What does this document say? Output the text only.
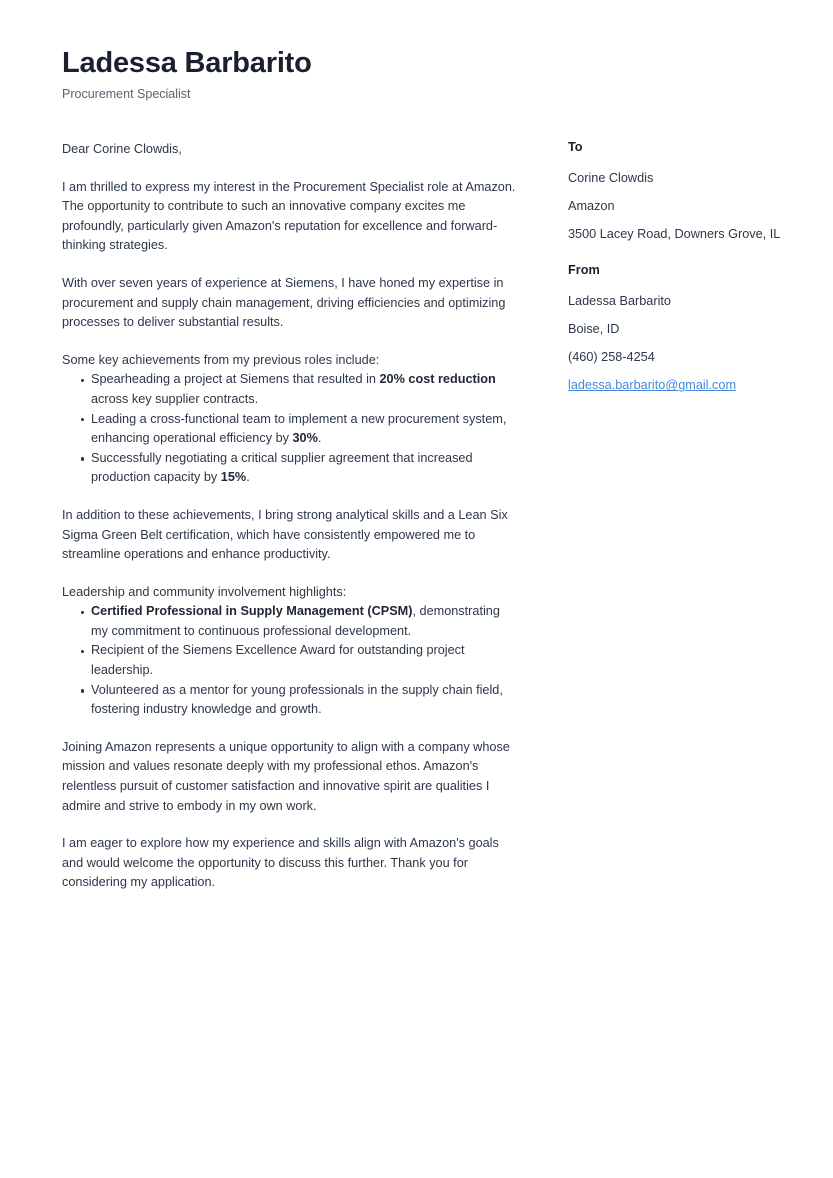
Ladessa Barbarito
Procurement Specialist

Dear Corine Clowdis,

I am thrilled to express my interest in the Procurement Specialist role at Amazon. The opportunity to contribute to such an innovative company excites me profoundly, particularly given Amazon's reputation for excellence and forward-thinking strategies.

With over seven years of experience at Siemens, I have honed my expertise in procurement and supply chain management, driving efficiencies and optimizing processes to deliver substantial results.

Some key achievements from my previous roles include:

Spearheading a project at Siemens that resulted in 20% cost reduction across key supplier contracts.
Leading a cross-functional team to implement a new procurement system, enhancing operational efficiency by 30%.
Successfully negotiating a critical supplier agreement that increased production capacity by 15%.

In addition to these achievements, I bring strong analytical skills and a Lean Six Sigma Green Belt certification, which have consistently empowered me to streamline operations and enhance productivity.

Leadership and community involvement highlights:

Certified Professional in Supply Management (CPSM), demonstrating my commitment to continuous professional development.
Recipient of the Siemens Excellence Award for outstanding project leadership.
Volunteered as a mentor for young professionals in the supply chain field, fostering industry knowledge and growth.

Joining Amazon represents a unique opportunity to align with a company whose mission and values resonate deeply with my professional ethos. Amazon's relentless pursuit of customer satisfaction and innovative spirit are qualities I admire and strive to embody in my own work.

I am eager to explore how my experience and skills align with Amazon's goals and would welcome the opportunity to discuss this further. Thank you for considering my application.

To
Corine Clowdis
Amazon
3500 Lacey Road, Downers Grove, IL
From
Ladessa Barbarito
Boise, ID
(460) 258-4254
ladessa.barbarito@gmail.com
